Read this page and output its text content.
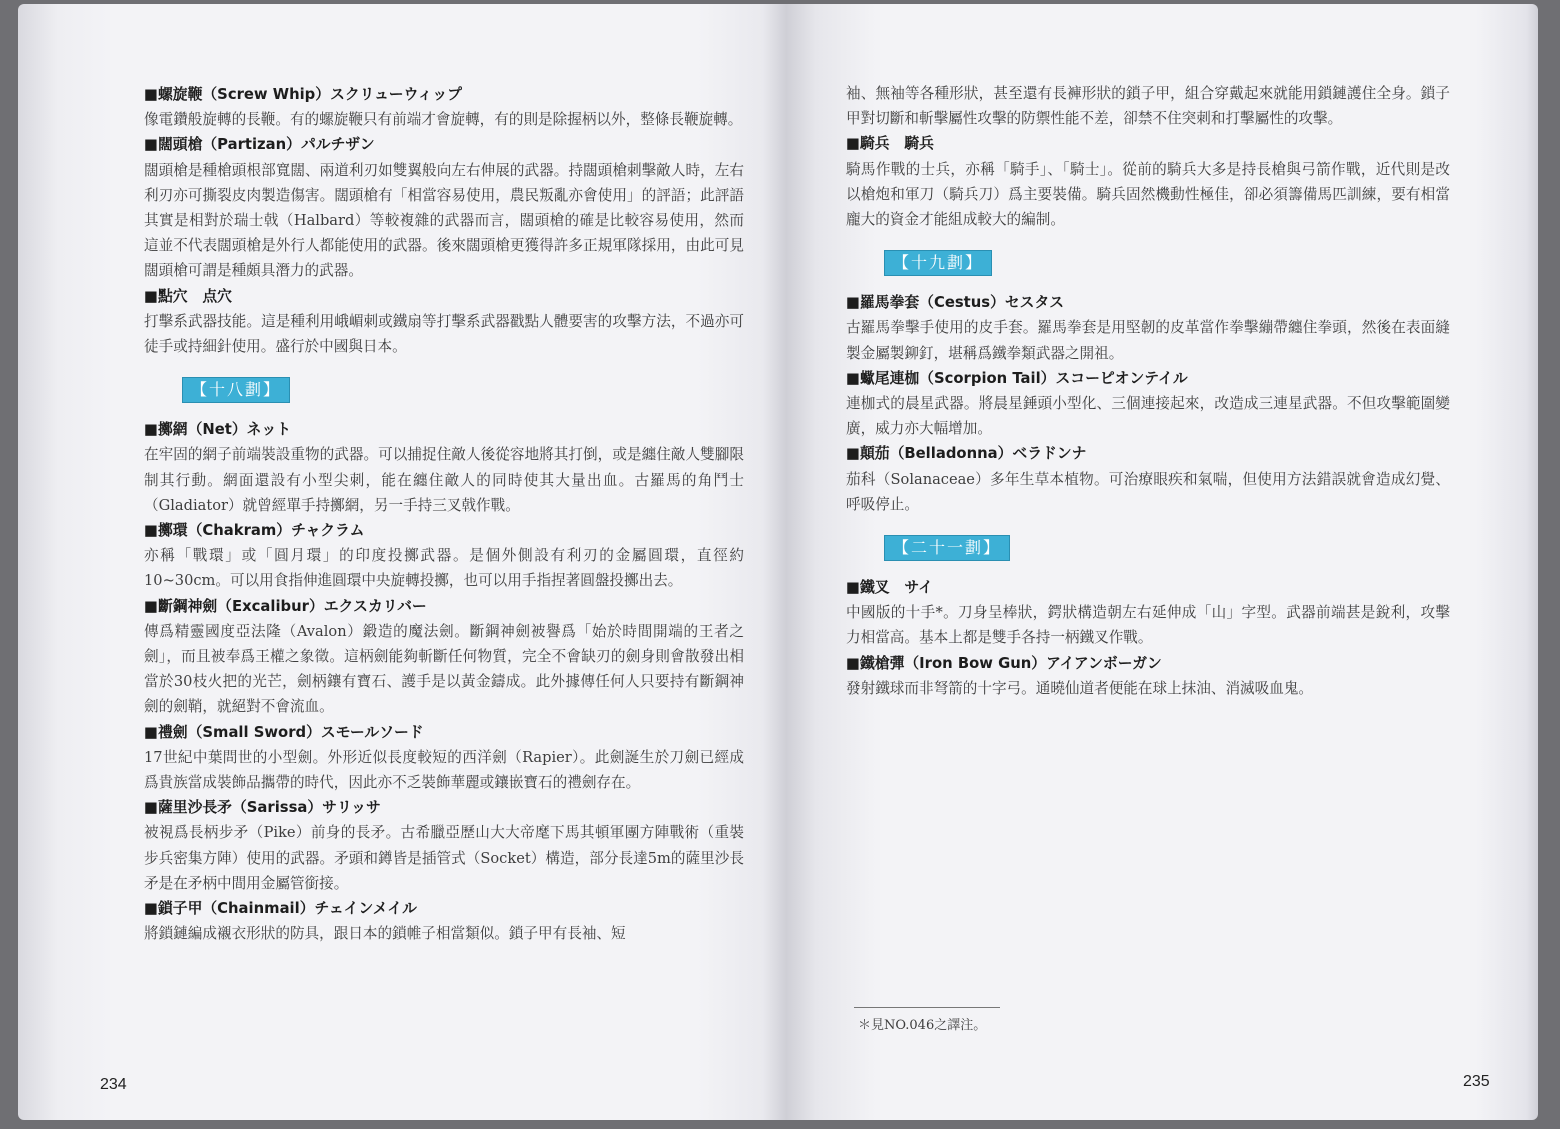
■螺旋鞭（Screw Whip）スクリューウィップ
像電鑽般旋轉的長鞭。有的螺旋鞭只有前端才會旋轉，有的則是除握柄以外，整條長鞭旋轉。
■闊頭槍（Partizan）パルチザン
闊頭槍是種槍頭根部寬闊、兩道利刃如雙翼般向左右伸展的武器。持闊頭槍刺擊敵人時，左右利刃亦可撕裂皮肉製造傷害。闊頭槍有「相當容易使用，農民叛亂亦會使用」的評語；此評語其實是相對於瑞士戟（Halbard）等較複雜的武器而言，闊頭槍的確是比較容易使用，然而這並不代表闊頭槍是外行人都能使用的武器。後來闊頭槍更獲得許多正規軍隊採用，由此可見闊頭槍可謂是種頗具潛力的武器。
■點穴　点穴
打擊系武器技能。這是種利用峨嵋刺或鐵扇等打擊系武器戳點人體要害的攻擊方法，不過亦可徒手或持細針使用。盛行於中國與日本。
【十八劃】
■擲網（Net）ネット
在牢固的網子前端裝設重物的武器。可以捕捉住敵人後從容地將其打倒，或是纏住敵人雙腳限制其行動。網面還設有小型尖刺，能在纏住敵人的同時使其大量出血。古羅馬的角鬥士（Gladiator）就曾經單手持擲網，另一手持三叉戟作戰。
■擲環（Chakram）チャクラム
亦稱「戰環」或「圓月環」的印度投擲武器。是個外側設有利刃的金屬圓環，直徑約10~30cm。可以用食指伸進圓環中央旋轉投擲，也可以用手指捏著圓盤投擲出去。
■斷鋼神劍（Excalibur）エクスカリバー
傳爲精靈國度亞法隆（Avalon）鍛造的魔法劍。斷鋼神劍被譽爲「始於時間開端的王者之劍」，而且被奉爲王權之象徵。這柄劍能夠斬斷任何物質，完全不會缺刃的劍身則會散發出相當於30枝火把的光芒，劍柄鑲有寶石、護手是以黃金鑄成。此外據傳任何人只要持有斷鋼神劍的劍鞘，就絕對不會流血。
■禮劍（Small Sword）スモールソード
17世紀中葉問世的小型劍。外形近似長度較短的西洋劍（Rapier）。此劍誕生於刀劍已經成爲貴族當成裝飾品攜帶的時代，因此亦不乏裝飾華麗或鑲嵌寶石的禮劍存在。
■薩里沙長矛（Sarissa）サリッサ
被視爲長柄步矛（Pike）前身的長矛。古希臘亞歷山大大帝麾下馬其頓軍團方陣戰術（重裝步兵密集方陣）使用的武器。矛頭和鐏皆是插管式（Socket）構造，部分長達5m的薩里沙長矛是在矛柄中間用金屬管銜接。
■鎖子甲（Chainmail）チェインメイル
將鎖鏈編成襯衣形狀的防具，跟日本的鎖帷子相當類似。鎖子甲有長袖、短
234
袖、無袖等各種形狀，甚至還有長褲形狀的鎖子甲，組合穿戴起來就能用鎖鏈護住全身。鎖子甲對切斷和斬擊屬性攻擊的防禦性能不差，卻禁不住突刺和打擊屬性的攻擊。
■騎兵　騎兵
騎馬作戰的士兵，亦稱「騎手」、「騎士」。從前的騎兵大多是持長槍與弓箭作戰，近代則是改以槍炮和軍刀（騎兵刀）爲主要裝備。騎兵固然機動性極佳，卻必須籌備馬匹訓練，要有相當龐大的資金才能組成較大的編制。
【十九劃】
■羅馬拳套（Cestus）セスタス
古羅馬拳擊手使用的皮手套。羅馬拳套是用堅韌的皮革當作拳擊繃帶纏住拳頭，然後在表面縫製金屬製鉚釘，堪稱爲鐵拳類武器之開祖。
■蠍尾連枷（Scorpion Tail）スコーピオンテイル
連枷式的晨星武器。將晨星錘頭小型化、三個連接起來，改造成三連星武器。不但攻擊範圍變廣，威力亦大幅增加。
■顛茄（Belladonna）ベラドンナ
茄科（Solanaceae）多年生草本植物。可治療眼疾和氣喘，但使用方法錯誤就會造成幻覺、呼吸停止。
【二十一劃】
■鐵叉　サイ
中國版的十手*。刀身呈棒狀，鍔狀構造朝左右延伸成「山」字型。武器前端甚是銳利，攻擊力相當高。基本上都是雙手各持一柄鐵叉作戰。
■鐵槍彈（Iron Bow Gun）アイアンボーガン
發射鐵球而非弩箭的十字弓。通曉仙道者便能在球上抹油、消滅吸血鬼。
＊見NO.046之譯注。
235
